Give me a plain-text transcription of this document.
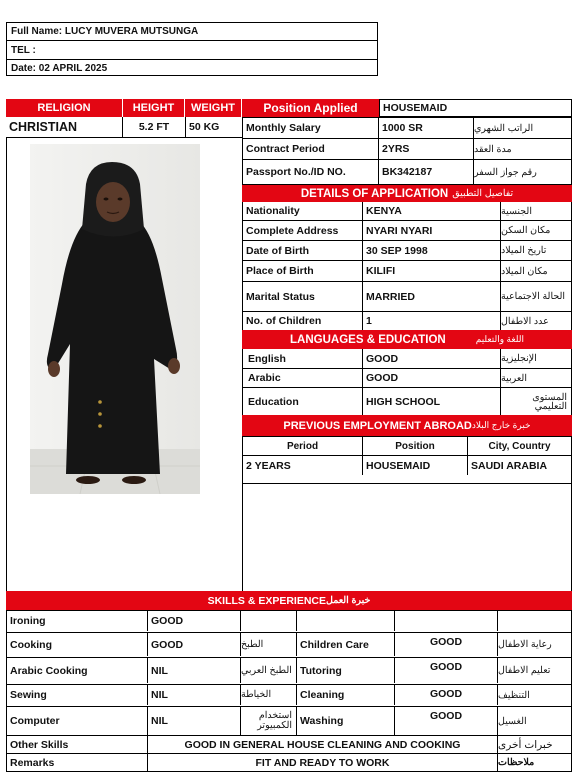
Full Name: LUCY MUVERA MUTSUNGA
TEL :
Date: 02 APRIL 2025
RELIGION	HEIGHT	WEIGHT	Position Applied	HOUSEMAID
CHRISTIAN	5.2 FT	50 KG	Monthly Salary	1000 SR	الراتب الشهري
Contract Period	2YRS	مدة العقد
Passport No./ID NO.	BK342187	رقم جواز السفر
DETAILS OF APPLICATION تفاصيل التطبيق
Nationality	KENYA	الجنسية
Complete Address	NYARI NYARI	مكان السكن
Date of Birth	30 SEP 1998	تاريخ الميلاد
Place of Birth	KILIFI	مكان الميلاد
Marital Status	MARRIED	الحالة الاجتماعية
No. of Children	1	عدد الاطفال
LANGUAGES & EDUCATION	اللغة والتعليم
English	GOOD	الإنجليزية
Arabic	GOOD	العربية
Education	HIGH SCHOOL	المستوى التعليمي
PREVIOUS EMPLOYMENT ABROAD خبرة خارج البلاد
Period	Position	City, Country
2 YEARS	HOUSEMAID	SAUDI ARABIA
SKILLS & EXPERIENCE خبرة العمل
Ironing	GOOD
Cooking	GOOD	الطبخ	Children Care	GOOD	رعاية الاطفال
Arabic Cooking	NIL	الطبخ العربي Tutoring	GOOD	تعليم الاطفال
Sewing	NIL	الخياطة	Cleaning	GOOD	التنظيف
Computer	NIL	استخدام الكمبيوتر Washing	GOOD	الغسيل
Other Skills	GOOD IN GENERAL HOUSE CLEANING AND COOKING	خبرات أخرى
Remarks	FIT AND READY TO WORK	ملاحظات
